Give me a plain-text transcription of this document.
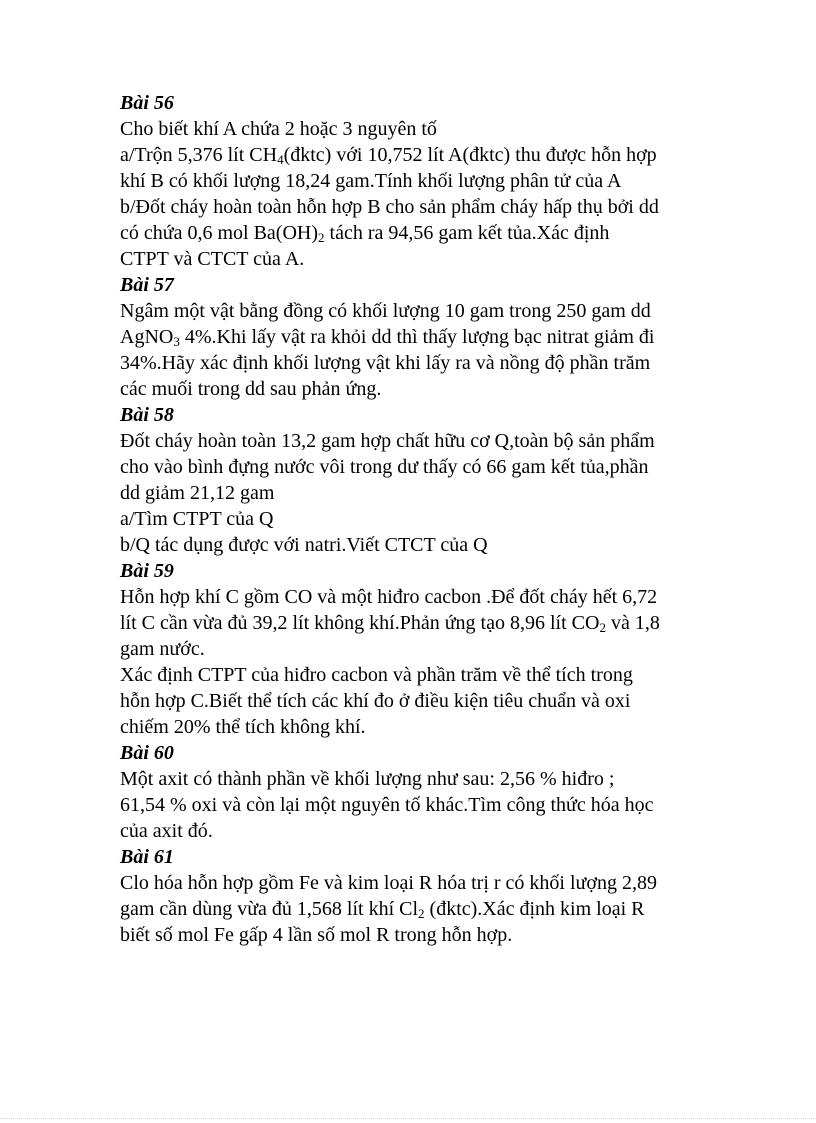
Bài 56
Cho biết khí A chứa 2 hoặc 3 nguyên tố
a/Trộn 5,376 lít $CH_4(đktc)$ với 10,752 lít A(đktc) thu được hỗn hợp
khí B có khối lượng 18,24 gam.Tính khối lượng phân tử của A
b/Đốt cháy hoàn toàn hỗn hợp B cho sản phẩm cháy hấp thụ bởi dd
có chứa 0,6 mol $Ba(OH)_2$ tách ra 94,56 gam kết tủa.Xác định
CTPT và CTCT của A.
Bài 57
Ngâm một vật bằng đồng có khối lượng 10 gam trong 250 gam dd
AgNO$_3$ 4%.Khi lấy vật ra khỏi dd thì thấy lượng bạc nitrat giảm đi
34%.Hãy xác định khối lượng vật khi lấy ra và nồng độ phần trăm
các muối trong dd sau phản ứng.
Bài 58
Đốt cháy hoàn toàn 13,2 gam hợp chất hữu cơ Q,toàn bộ sản phẩm
cho vào bình đựng nước vôi trong dư thấy có 66 gam kết tủa,phần
dd giảm 21,12 gam
a/Tìm CTPT của Q
b/Q tác dụng được với natri.Viết CTCT của Q
Bài 59
Hỗn hợp khí C gồm CO và một hiđro cacbon .Để đốt cháy hết 6,72
lít C cần vừa đủ 39,2 lít không khí.Phản ứng tạo 8,96 lít $CO_2$ và 1,8
gam nước.
Xác định CTPT của hiđro cacbon và phần trăm về thể tích trong
hỗn hợp C.Biết thể tích các khí đo ở điều kiện tiêu chuẩn và oxi
chiếm 20% thể tích không khí.
Bài 60
Một axit có thành phần về khối lượng như sau: 2,56 % hiđro ;
61,54 % oxi và còn lại một nguyên tố khác.Tìm công thức hóa học
của axit đó.
Bài 61
Clo hóa hỗn hợp gồm Fe và kim loại R hóa trị r có khối lượng 2,89
gam cần dùng vừa đủ 1,568 lít khí $Cl_2$ (đktc).Xác định kim loại R
biết số mol Fe gấp 4 lần số mol R trong hỗn hợp.
